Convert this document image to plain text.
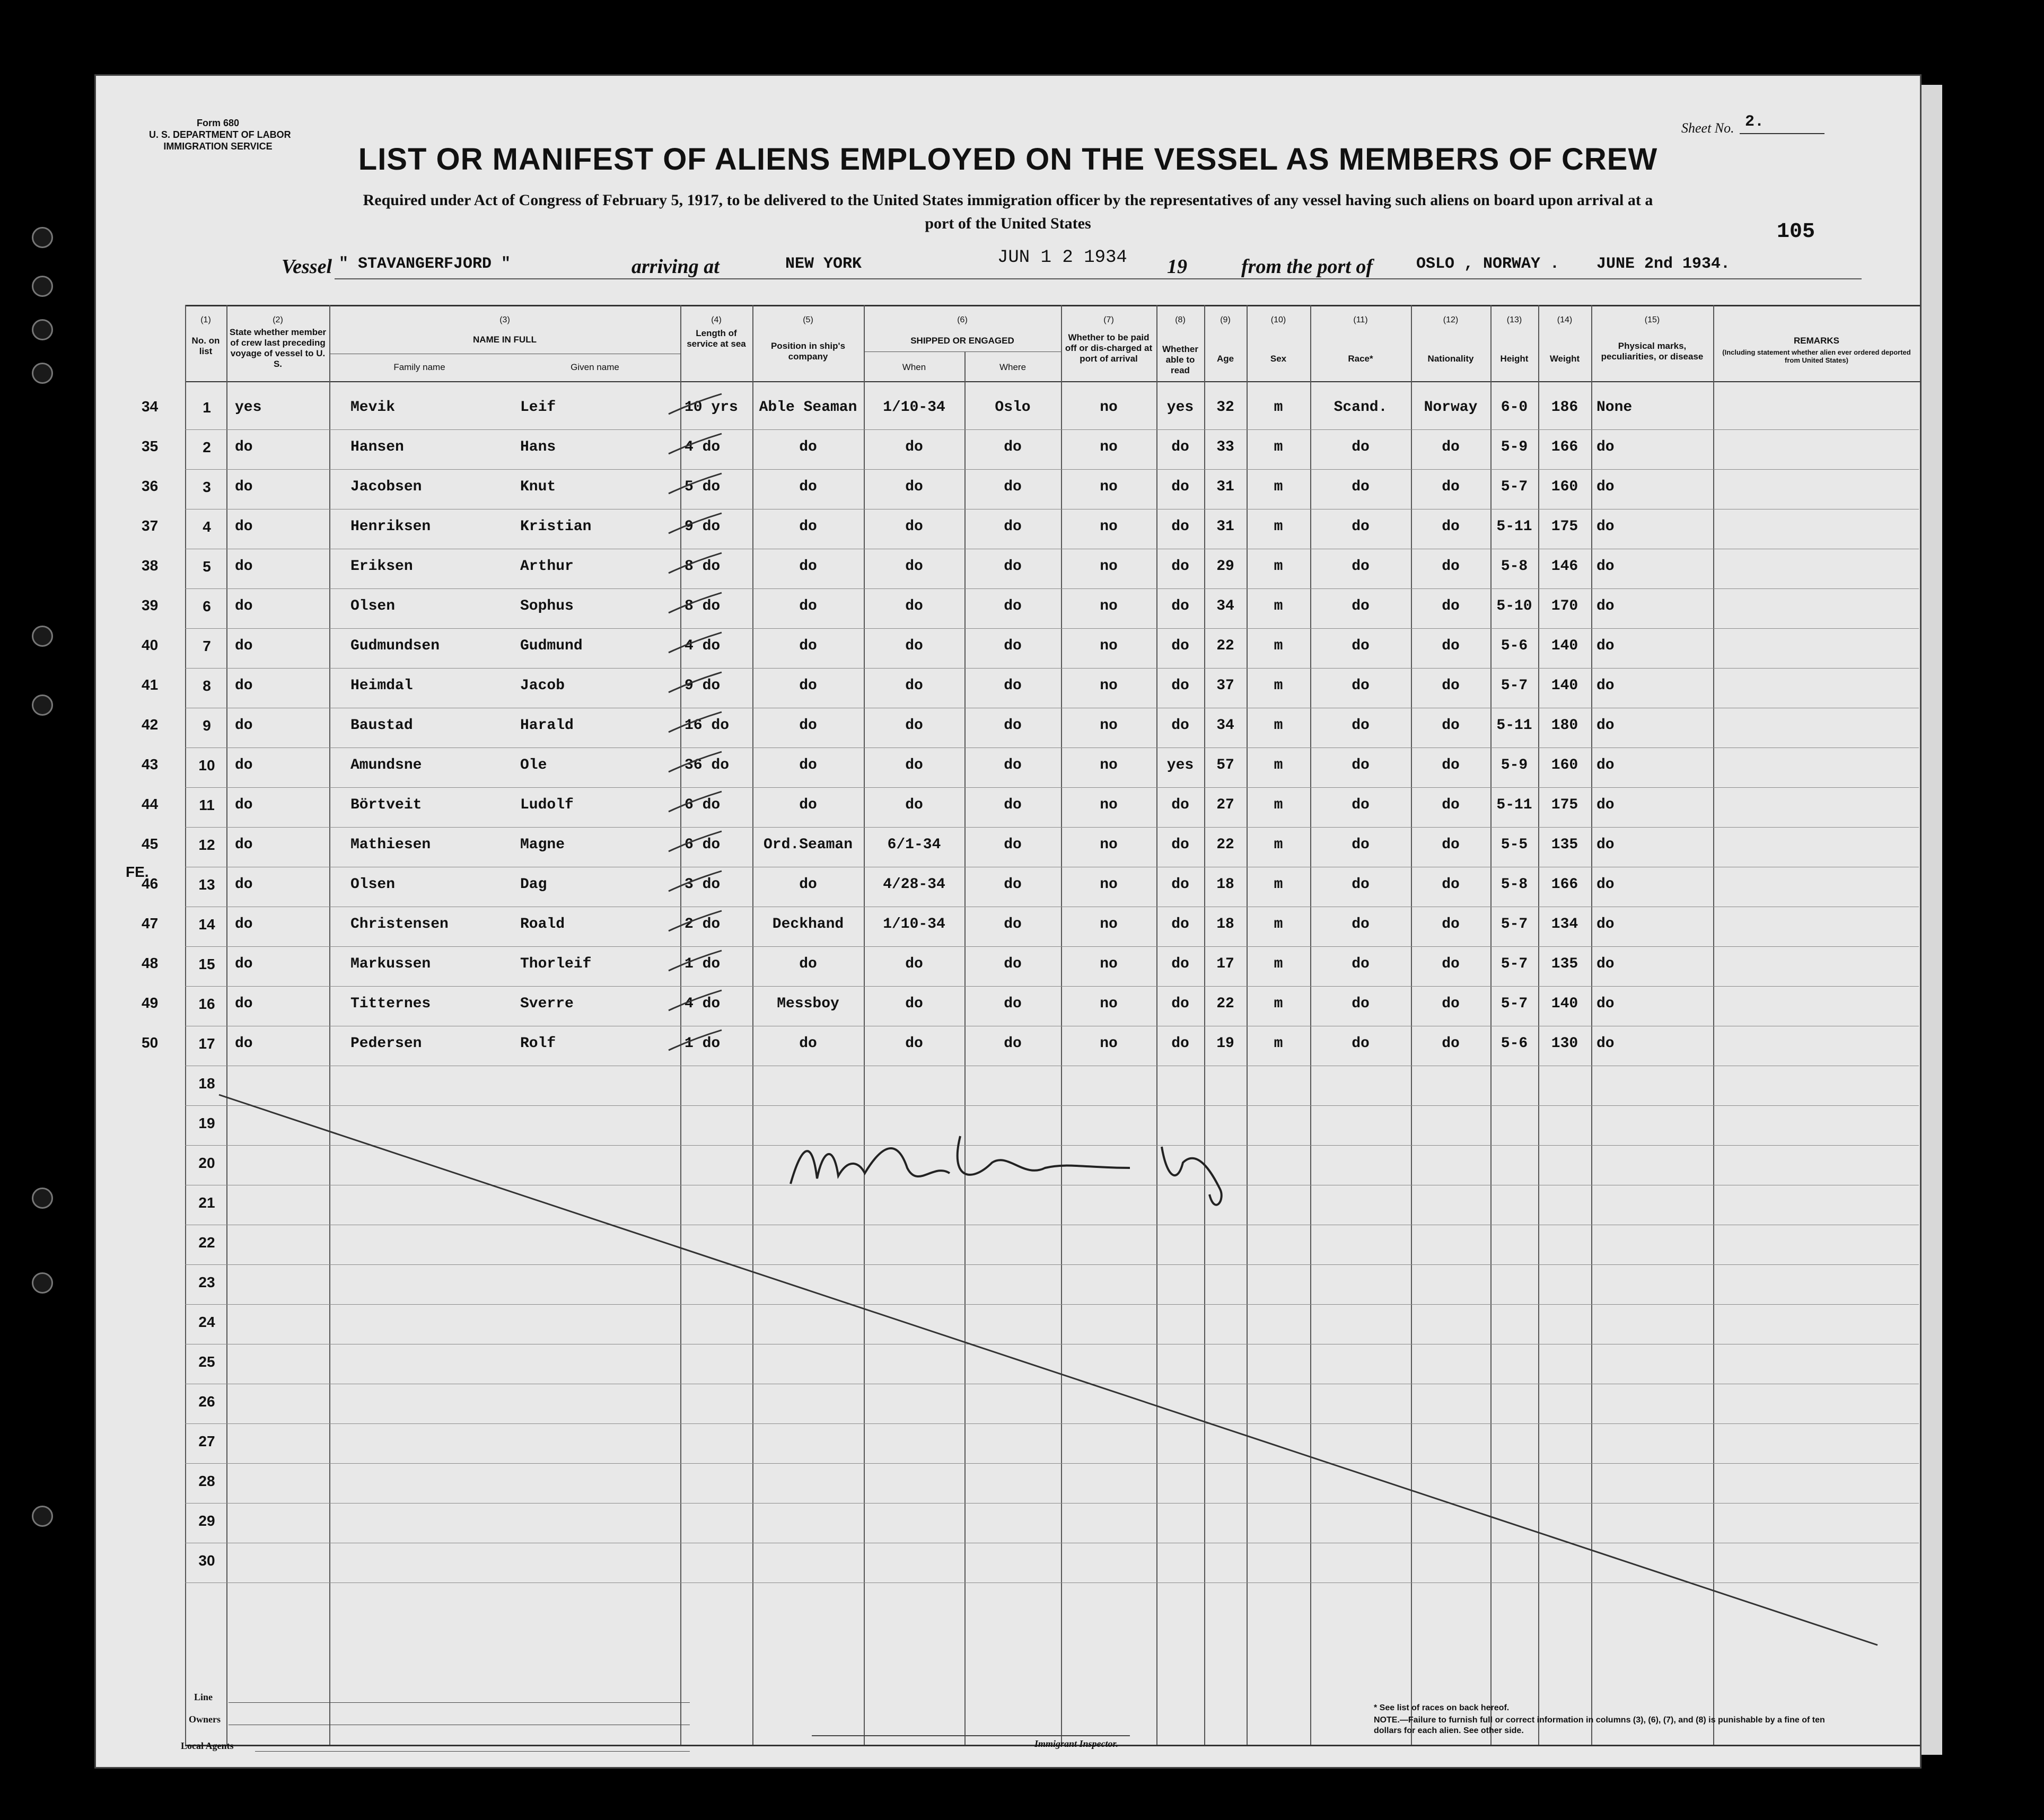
Form 680
U. S. DEPARTMENT OF LABOR
IMMIGRATION SERVICE
Sheet No. 2.
LIST OR MANIFEST OF ALIENS EMPLOYED ON THE VESSEL AS MEMBERS OF CREW
Required under Act of Congress of February 5, 1917, to be delivered to the United States immigration officer by the representatives of any vessel having such aliens on board upon arrival at a
port of the United States	105
Vessel " STAVANGERFJORD "	arriving at	NEW YORK	JUN 1 2 1934 19	from the port of	OSLO , NORWAY . JUNE 2nd 1934.
(1)
No. on list
(2)
State whether member of crew last preceding voyage of vessel to U. S.
(3)
NAME IN FULL
Family name	Given name
(4)
Length of service at sea
(5)
Position in ship's company
(6)
SHIPPED OR ENGAGED
When	Where
(7)
Whether to be paid off or dis-charged at port of arrival
(8)
Whether able to read
(9)
Age
(10)
Sex
(11)
Race*
(12)
Nationality
(13)
Height
(14)
Weight
(15)
Physical marks, peculiarities, or disease
REMARKS
(Including statement whether alien ever ordered deported from United States)
34	1	yes	Mevik	Leif	10 yrs	Able Seaman	1/10-34	Oslo	no	yes	32	m	Scand.	Norway	6-0	186	None
35	2	do	Hansen	Hans	4 do	do	do	do	no	do	33	m	do	do	5-9	166	do
36	3	do	Jacobsen	Knut	5 do	do	do	do	no	do	31	m	do	do	5-7	160	do
37	4	do	Henriksen	Kristian	9 do	do	do	do	no	do	31	m	do	do	5-11	175	do
38	5	do	Eriksen	Arthur	8 do	do	do	do	no	do	29	m	do	do	5-8	146	do
39	6	do	Olsen	Sophus	8 do	do	do	do	no	do	34	m	do	do	5-10	170	do
40	7	do	Gudmundsen	Gudmund	4 do	do	do	do	no	do	22	m	do	do	5-6	140	do
41	8	do	Heimdal	Jacob	9 do	do	do	do	no	do	37	m	do	do	5-7	140	do
42	9	do	Baustad	Harald	16 do	do	do	do	no	do	34	m	do	do	5-11	180	do
43	10	do	Amundsne	Ole	36 do	do	do	do	no	yes	57	m	do	do	5-9	160	do
44	11	do	Börtveit	Ludolf	6 do	do	do	do	no	do	27	m	do	do	5-11	175	do
45	12	do	Mathiesen	Magne	6 do	Ord.Seaman	6/1-34	do	no	do	22	m	do	do	5-5	135	do
46	13	do	Olsen	Dag	3 do	do	4/28-34	do	no	do	18	m	do	do	5-8	166	do
47	14	do	Christensen	Roald	2 do	Deckhand	1/10-34	do	no	do	18	m	do	do	5-7	134	do
48	15	do	Markussen	Thorleif	1 do	do	do	do	no	do	17	m	do	do	5-7	135	do
49	16	do	Titternes	Sverre	4 do	Messboy	do	do	no	do	22	m	do	do	5-7	140	do
50	17	do	Pedersen	Rolf	1 do	do	do	do	no	do	19	m	do	do	5-6	130	do
18
19
20
21
22
23
24
25
26
27
28
29
30
FE.
Line
Owners
Local Agents	Immigrant Inspector.
* See list of races on back hereof.
NOTE.—Failure to furnish full or correct information in columns (3), (6), (7), and (8) is punishable by a fine of ten dollars for each alien. See other side.
